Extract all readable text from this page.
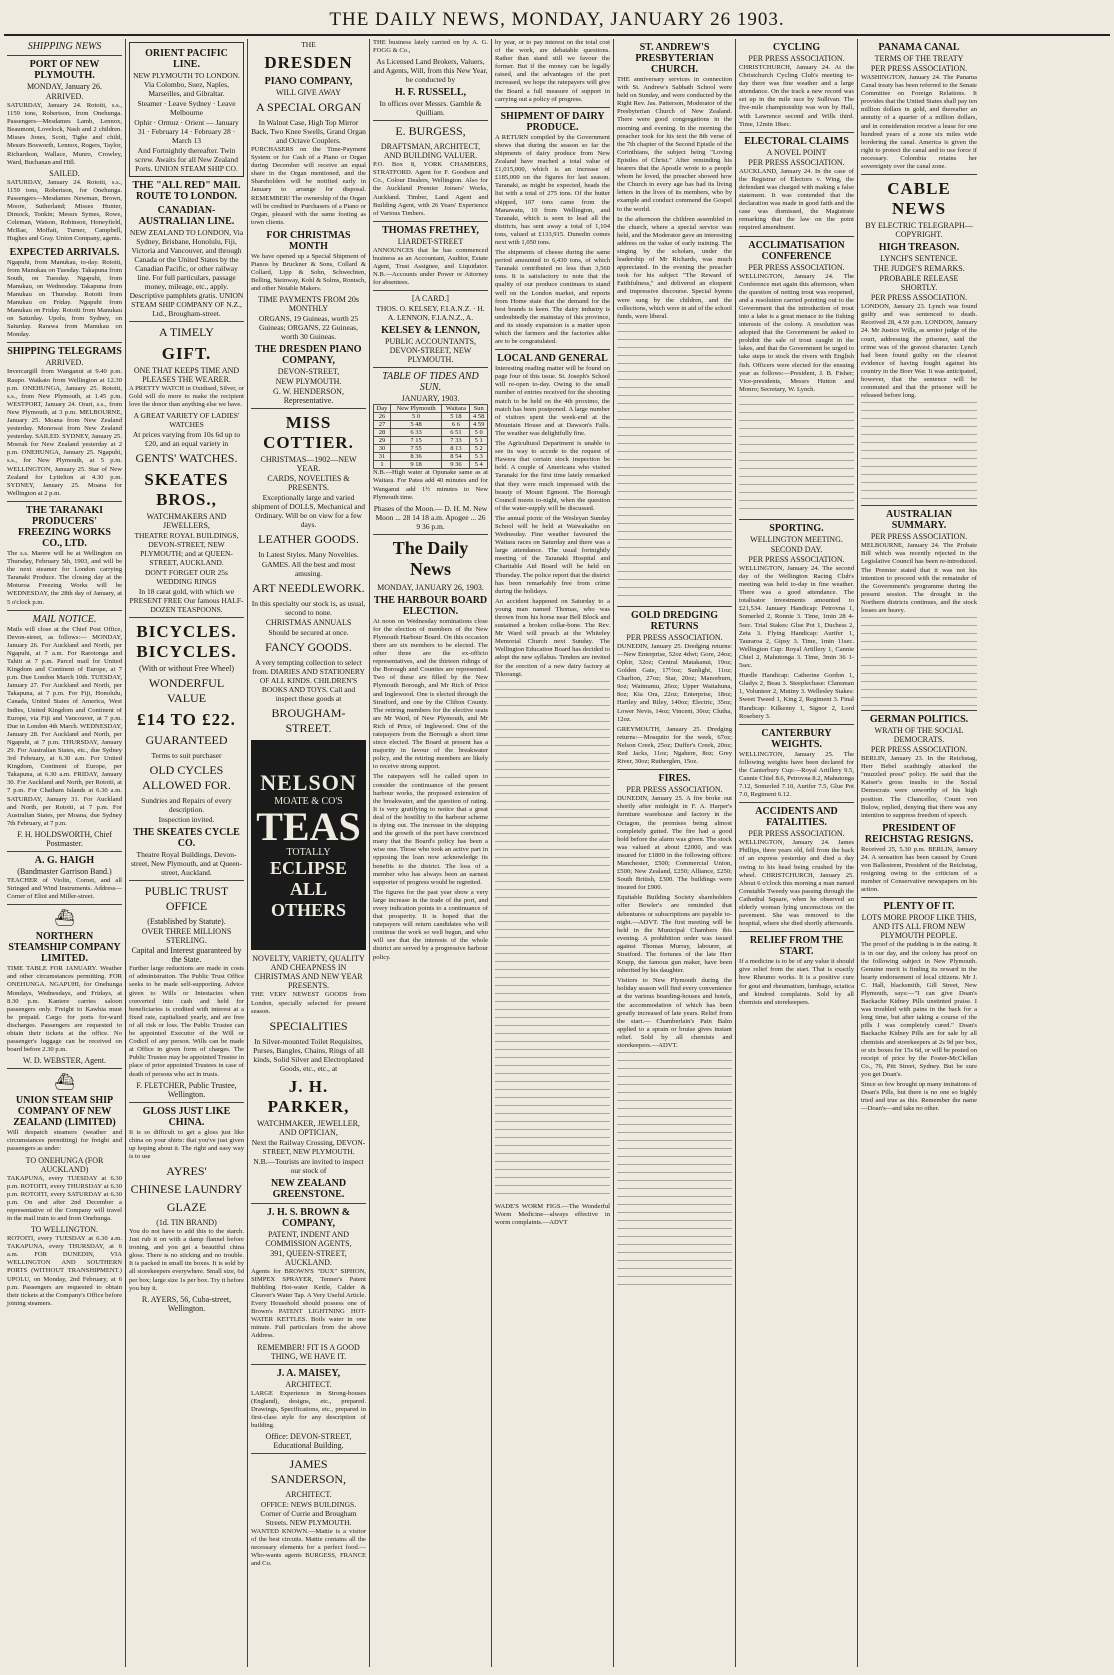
THE DAILY NEWS, MONDAY, JANUARY 26 1903.
SHIPPING NEWS
PORT OF NEW PLYMOUTH.
MONDAY, January 26.
ARRIVED.
SATURDAY, January 24. Rotoiti, s.s., 1159 tons, Robertson, from Onehunga. Passengers—Mesdames Lamb, Lennox, Beaumont, Lovelock, Nash and 2 children. Misses Jones, Scott, Tighe and child, Messrs Bosworth, Lennox, Rogers, Taylor, Richardson, Wallace, Munro, Crowley, Ward, Buchanan and Hill.
SAILED.
SATURDAY, January 24. Rotoiti, s.s., 1159 tons, Robertson, for Onehunga. Passengers—Mesdames Newman, Brown, Moore, Sutherland; Misses Hunter, Dimock, Tonkin; Messrs Symes, Rowe, Coleman, Watson, Robinson, Honeyfield, McRae, Moffatt, Turner, Campbell, Hughes and Gray. Union Company, agents.
EXPECTED ARRIVALS.
Ngapuhi, from Manukau, to-day. Rotoiti, from Manukau on Tuesday. Takapuna from South, on Tuesday. Ngapuhi, from Manukau, on Wednesday. Takapuna from Manukau on Thursday. Rotoiti from Manukau on Friday. Ngapuhi from Manukau on Friday. Rotoiti from Manukau on Saturday. Upolu, from Sydney, on Saturday. Rarawa from Manukau on Monday.
SHIPPING TELEGRAMS
ARRIVED.
Invercargill from Wanganui at 9.40 p.m. Raupo. Waikato from Wellington at 12.30 p.m. ONEHUNGA, January 25. Rotoiti, s.s., from New Plymouth, at 1.45 p.m. WESTPORT, January 24. Orari, s.s., from New Plymouth, at 3 p.m. MELBOURNE, January 25. Moana from New Zealand yesterday. Monowai from New Zealand yesterday. SAILED. SYDNEY, January 25. Moerak for New Zealand yesterday at 2 p.m. ONEHUNGA, January 25. Ngapuhi, s.s., for New Plymouth, at 5 p.m. WELLINGTON, January 25. Star of New Zealand for Lyttelton at 4.30 p.m. SYDNEY, January 25. Moana for Wellington at 2 p.m.
THE TARANAKI PRODUCERS' FREEZING WORKS CO., LTD.
The s.s. Marere will be at Wellington on Thursday, February 5th, 1903, and will be the next steamer for London carrying Taranaki Produce. The closing day at the Moturoa Freezing Works will be WEDNESDAY, the 28th day of January, at 5 o'clock p.m.
MAIL NOTICE.
Mails will close at the Chief Post Office, Devon-street, as follows:— MONDAY, January 26. For Auckland and North, per Ngapuhi, at 7 a.m. For Rarotonga and Tahiti at 7 p.m. Parcel mail for United Kingdom and Continent of Europe, at 7 p.m. Due London March 10th. TUESDAY, January 27. For Auckland and North, per Takapuna, at 7 p.m. For Fiji, Honolulu, Canada, United States of America, West Indies, United Kingdom and Continent of Europe, via Fiji and Vancouver, at 7 p.m. Due in London 4th March. WEDNESDAY, January 28. For Auckland and North, per Ngapuhi, at 7 p.m. THURSDAY, January 29. For Australian States, etc., due Sydney 3rd February, at 6.30 a.m. For United Kingdom, Continent of Europe, per Takapuna, at 6.30 a.m. FRIDAY, January 30. For Auckland and North, per Rotoiti, at 7 p.m. For Chatham Islands at 6.30 a.m. SATURDAY, January 31. For Auckland and North, per Rotoiti, at 7 p.m. For Australian States, per Moana, due Sydney 7th February, at 7 p.m.
F. H. HOLDSWORTH, Chief Postmaster.
A. G. HAIGH
(Bandmaster Garrison Band.)
TEACHER of Violin, Cornet, and all Stringed and Wind Instruments. Address—Corner of Eliot and Miller-street.
⛴
NORTHERN STEAMSHIP COMPANY LIMITED.
TIME TABLE FOR JANUARY. Weather and other circumstances permitting. FOR ONEHUNGA. NGAPUHI, for Onehunga Mondays, Wednesdays, and Fridays, at 8.30 p.m. Kaniere carries saloon passengers only. Freight to Kawhia must be prepaid. Cargo for ports for-ward discharges. Passengers are requested to obtain their tickets at the office. No passenger's luggage can be received on board before 2.30 p.m.
W. D. WEBSTER, Agent.
⛴
UNION STEAM SHIP COMPANY OF NEW ZEALAND (LIMITED)
Will despatch steamers (weather and circumstances permitting) for freight and passengers as under:
TO ONEHUNGA (FOR AUCKLAND)
TAKAPUNA, every TUESDAY at 6.30 p.m. ROTOITI, every THURSDAY at 6.30 p.m. ROTOITI, every SATURDAY at 6.30 p.m. On and after 2nd December a representative of the Company will travel in the mail train to and from Onehunga.
TO WELLINGTON.
ROTOITI, every TUESDAY at 6.30 a.m. TAKAPUNA, every THURSDAY, at 6 a.m. FOR DUNEDIN, VIA WELLINGTON AND SOUTHERN PORTS (WITHOUT TRANSHIPMENT.) UPOLU, on Monday, 2nd February, at 6 p.m. Passengers are requested to obtain their tickets at the Company's Office before joining steamers.
ORIENT PACIFIC LINE.
NEW PLYMOUTH TO LONDON. Via Colombo, Suez, Naples, Marseilles, and Gibraltar.
Steamer · Leave Sydney · Leave Melbourne
Ophir · Ormuz · Orient — January 31 · February 14 · February 28 · March 13
And Fortnightly thereafter. Twin screw. Awaits for all New Zealand Ports. UNION STEAM SHIP CO.
THE "ALL RED" MAIL ROUTE TO LONDON.
CANADIAN-AUSTRALIAN LINE.
NEW ZEALAND TO LONDON, Via Sydney, Brisbane, Honolulu, Fiji, Victoria and Vancouver, and through Canada or the United States by the Canadian Pacific, or other railway line. For full particulars, passage money, mileage, etc., apply. Descriptive pamphlets gratis. UNION STEAM SHIP COMPANY OF N.Z., Ltd., Brougham-street.
A TIMELY
GIFT.
ONE THAT KEEPS TIME AND PLEASES THE WEARER.
A PRETTY WATCH in Oxidised, Silver, or Gold will do more to make the recipient love the donor than anything else we have.
A GREAT VARIETY OF LADIES' WATCHES
At prices varying from 10s 6d up to £20, and an equal variety in
GENTS' WATCHES.
SKEATES BROS.,
WATCHMAKERS AND JEWELLERS,
THEATRE ROYAL BUILDINGS, DEVON-STREET, NEW PLYMOUTH; and at QUEEN-STREET, AUCKLAND.
DON'T FORGET OUR 25s WEDDING RINGS
In 18 carat gold, with which we PRESENT FREE Our famous HALF-DOZEN TEASPOONS.
BICYCLES. BICYCLES.
(With or without Free Wheel)
WONDERFUL VALUE
£14 TO £22.
GUARANTEED
Terms to suit purchaser
OLD CYCLES ALLOWED FOR.
Sundries and Repairs of every description.
Inspection invited.
THE SKEATES CYCLE CO.
Theatre Royal Buildings, Devon-street, New Plymouth, and at Queen-street, Auckland.
PUBLIC TRUST OFFICE
(Established by Statute).
OVER THREE MILLIONS STERLING.
Capital and Interest guaranteed by the State.
Further large reductions are made in costs of administration. The Public Trust Office seeks to be made self-supporting. Advice given to Wills or Intestacies when converted into cash and held for beneficiaries is credited with interest at a fixed rate, capitalised yearly, and are free of all risk or loss. The Public Trustee can be appointed Executor of the Will or Codicil of any person. Wills can be made at Office in given form of charges. The Public Trustee may be appointed Trustee in place of prior appointed Trustees in case of death of persons who act in trusts.
F. FLETCHER, Public Trustee, Wellington.
GLOSS JUST LIKE CHINA.
It is so difficult to get a gloss just like china on your shirts: that you've just given up hoping about it. The right and easy way is to use
AYRES'
CHINESE LAUNDRY
GLAZE
(1d. TIN BRAND)
You do not have to add this to the starch. Just rub it on with a damp flannel before ironing, and you get a beautiful china gloss. There is no sticking and no trouble. It is packed in small tin boxes. It is sold by all storekeepers everywhere. Small size, 6d per box; large size 1s per box. Try it before you buy it.
R. AYERS, 56, Cuba-street, Wellington.
THE
DRESDEN
PIANO COMPANY,
WILL GIVE AWAY
A SPECIAL ORGAN
In Walnut Case, High Top Mirror Back, Two Knee Swells, Grand Organ and Octave Couplers.
PURCHASERS on the Time-Payment System or for Cash of a Piano or Organ during December will receive an equal share in the Organ mentioned, and the Shareholders will be notified early in January to arrange for disposal. REMEMBER! The ownership of the Organ will be credited to Purchasers of a Piano or Organ, pleased with the same footing as town clients.
FOR CHRISTMAS MONTH
We have opened up a Special Shipment of Pianos by Bruckner & Sons, Collard & Collard, Lipp & Sohn, Schwechten, Belling, Steinway, Kohl & Solms, Ronisch, and other Notable Makers.
TIME PAYMENTS FROM 20s MONTHLY
ORGANS, 19 Guineas, worth 25 Guineas; ORGANS, 22 Guineas, worth 30 Guineas.
THE DRESDEN PIANO COMPANY,
DEVON-STREET,
NEW PLYMOUTH.
G. W. HENDERSON, Representative.
MISS COTTIER.
CHRISTMAS—1902—NEW YEAR.
CARDS, NOVELTIES & PRESENTS.
Exceptionally large and varied shipment of DOLLS, Mechanical and Ordinary. Will be on view for a few days.
LEATHER GOODS.
In Latest Styles. Many Novelties.
GAMES. All the best and most amusing.
ART NEEDLEWORK.
In this specialty our stock is, as usual, second to none.
CHRISTMAS ANNUALS
Should be secured at once.
FANCY GOODS.
A very tempting collection to select from. DIARIES AND STATIONERY OF ALL KINDS. CHILDREN'S BOOKS AND TOYS. Call and inspect these goods at
BROUGHAM-STREET.
NELSON
MOATE & CO'S
TEAS
TOTALLY
ECLIPSE
ALL OTHERS
NOVELTY, VARIETY, QUALITY AND CHEAPNESS IN CHRISTMAS AND NEW YEAR PRESENTS.
THE VERY NEWEST GOODS from London, specially selected for present season.
SPECIALITIES
In Silver-mounted Toilet Requisites, Purses, Bangles, Chains, Rings of all kinds, Solid Silver and Electroplated Goods, etc., etc., at
J. H. PARKER,
WATCHMAKER, JEWELLER, AND OPTICIAN,
Next the Railway Crossing, DEVON-STREET, NEW PLYMOUTH.
N.B.—Tourists are invited to inspect our stock of
NEW ZEALAND GREENSTONE.
J. H. S. BROWN & COMPANY,
PATENT, INDENT AND COMMISSION AGENTS,
391, QUEEN-STREET, AUCKLAND.
Agents for BROWN'S "DUX" SIPHON, SIMPEX SPRAYER, Tenner's Patent Bubbling Hot-water Kettle, Calder & Cleaver's Water Tap. A Very Useful Article. Every Household should possess one of Brown's PATENT LIGHTNING HOT-WATER KETTLES. Boils water in one minute. Full particulars from the above Address.
REMEMBER! FIT IS A GOOD THING, WE HAVE IT.
J. A. MAISEY,
ARCHITECT.
LARGE Experience in Strong-houses (England), designs, etc., prepared. Drawings, Specifications, etc., prepared in first-class style for any description of building.
Office: DEVON-STREET, Educational Building.
JAMES SANDERSON,
ARCHITECT.
OFFICE: NEWS BUILDINGS. Corner of Currie and Brougham Streets. NEW PLYMOUTH.
WANTED KNOWN.—Mattie is a visitor of the best circuits. Mattie contains all the necessary elements for a perfect food.—Who-wants agents BURGESS, FRANCE and Co.
THE business lately carried on by A. G. FOGG & Co.,
As Licensed Land Brokers, Valuers, and Agents, Will, from this New Year, be conducted by
H. F. RUSSELL,
In offices over Messrs. Gamble & Quilliam.
E. BURGESS,
DRAFTSMAN, ARCHITECT, AND BUILDING VALUER.
P.O. Box 8, YORK CHAMBERS, STRATFORD. Agent for F. Goodson and Co., Colour Dealers, Wellington. Also for the Auckland Premier Joiners' Works, Auckland. Timber, Land Agent and Building Agent, with 26 Years' Experience of Various Timbers.
THOMAS FRETHEY,
LIARDET-STREET
ANNOUNCES that he has commenced business as an Accountant, Auditor, Estate Agent, Trust Assignee, and Liquidator. N.B.—Accounts under Power or Attorney for absentees.
[A CARD.]
THOS. O. KELSEY, F.I.A.N.Z. · H. A. LENNON, F.I.A.N.Z., A.
KELSEY & LENNON,
PUBLIC ACCOUNTANTS, DEVON-STREET, NEW PLYMOUTH.
TABLE OF TIDES AND SUN.
JANUARY, 1903.
Day	New Plymouth	Waitara	Sun
26	5 0	5 18	4 58
27	5 48	6 6	4 59
28	6 33	6 51	5 0
29	7 15	7 33	5 1
30	7 55	8 13	5 2
31	8 36	8 54	5 3
1	9 18	9 36	5 4
N.B.—High water at Opunake same as at Waitara. For Patea add 40 minutes and for Wanganui add 1½ minutes to New Plymouth time.
Phases of the Moon.— D. H. M. New Moon ... 28 14 18 a.m. Apogee ... 26 9 36 p.m.
The Daily News
MONDAY, JANUARY 26, 1903.
THE HARBOUR BOARD ELECTION.
At noon on Wednesday nominations close for the election of members of the New Plymouth Harbour Board. On this occasion there are six members to be elected. The other three are the ex-officio representatives, and the thirteen ridings of the Borough and Counties are represented. Two of these are filled by the New Plymouth Borough, and Mr Rich of Price and Inglewood. One is elected through the Stratford, and one by the Clifton County. The retiring members for the elective seats are Mr Ward, of New Plymouth, and Mr Rich of Price, of Inglewood. One of the ratepayers from the Borough a short time since elected. The Board at present has a majority in favour of the breakwater policy, and the retiring members are likely to receive strong support.
The ratepayers will be called upon to consider the continuance of the present harbour works, the proposed extension of the breakwater, and the question of rating. It is very gratifying to notice that a great deal of the hostility to the harbour scheme is dying out. The increase in the shipping and the growth of the port have convinced many that the Board's policy has been a wise one. Those who took an active part in opposing the loan now acknowledge its benefits to the district. The loss of a member who has always been an earnest supporter of progress would be regretted.
The figures for the past year show a very large increase in the trade of the port, and every indication points to a continuance of that prosperity. It is hoped that the ratepayers will return candidates who will continue the work so well begun, and who will see that the interests of the whole district are served by a progressive harbour policy.
by year, or to pay interest on the total cost of the work, are debatable questions. Rather than stand still we favour the former. But if the money can be legally raised, and the advantages of the port increased, we hope the ratepayers will give the Board a full measure of support in carrying out a policy of progress.
SHIPMENT OF DAIRY PRODUCE.
A RETURN compiled by the Government shows that during the season so far the shipments of dairy produce from New Zealand have reached a total value of £1,015,000, which is an increase of £185,000 on the figures for last season. Taranaki, as might be expected, heads the list with a total of 275 tons. Of the butter shipped, 107 tons came from the Manawatu, 10 from Wellington, and Taranaki, which is seen to lead all the districts, has sent away a total of 1,104 tons, valued at £133,915. Dunedin comes next with 1,050 tons.
The shipments of cheese during the same period amounted to 6,430 tons, of which Taranaki contributed no less than 3,560 tons. It is satisfactory to note that the quality of our produce continues to stand well on the London market, and reports from Home state that the demand for the best brands is keen. The dairy industry is undoubtedly the mainstay of this province, and its steady expansion is a matter upon which the farmers and the factories alike are to be congratulated.
LOCAL AND GENERAL
Interesting reading matter will be found on page four of this issue. St. Joseph's School will re-open to-day. Owing to the small number of entries received for the shooting match to be held on the 4th proximo, the match has been postponed. A large number of visitors spent the week-end at the Mountain House and at Dawson's Falls. The weather was delightfully fine.
The Agricultural Department is unable to see its way to accede to the request of Hawera that certain stock inspection be held. A couple of Americans who visited Taranaki for the first time lately remarked that they were much impressed with the beauty of Mount Egmont. The Borough Council meets to-night, when the question of the water-supply will be discussed.
The annual picnic of the Wesleyan Sunday School will be held at Waiwakaiho on Wednesday. Fine weather favoured the Waitara races on Saturday and there was a large attendance. The usual fortnightly meeting of the Taranaki Hospital and Charitable Aid Board will be held on Thursday. The police report that the district has been remarkably free from crime during the holidays.
An accident happened on Saturday to a young man named Thomas, who was thrown from his horse near Bell Block and sustained a broken collar-bone. The Rev. Mr Ward will preach at the Whiteley Memorial Church next Sunday. The Wellington Education Board has decided to adopt the new syllabus. Tenders are invited for the erection of a new dairy factory at Tikorangi.
WADE'S WORM FIGS.—The Wonderful Worm Medicine—always effective in worm complaints.—ADVT
ST. ANDREW'S PRESBYTERIAN CHURCH.
THE anniversary services in connection with St. Andrew's Sabbath School were held on Sunday, and were conducted by the Right Rev. Jas. Patterson, Moderator of the Presbyterian Church of New Zealand. There were good congregations in the morning and evening. In the morning the preacher took for his text the 8th verse of the 7th chapter of the Second Epistle of the Corinthians, the subject being "Loving Epistles of Christ." After reminding his hearers that the Apostle wrote to a people whom he loved, the preacher showed how the Church in every age has had its living letters in the lives of its members, who by example and conduct commend the Gospel to the world.
In the afternoon the children assembled in the church, where a special service was held, and the Moderator gave an interesting address on the value of early training. The singing by the scholars, under the leadership of Mr Richards, was much appreciated. In the evening the preacher took for his subject "The Reward of Faithfulness," and delivered an eloquent and impressive discourse. Special hymns were sung by the children, and the collections, which were in aid of the school funds, were liberal.
GOLD DREDGING RETURNS
PER PRESS ASSOCIATION.
DUNEDIN, January 25. Dredging returns:—New Enterprise, 52oz 4dwt; Gore, 24oz; Ophir, 32oz; Central Matakanui, 19oz; Golden Gate, 17½oz; Sunlight, 11oz; Charlton, 27oz; Star, 20oz; Manorburn, 9oz; Waimumu, 26oz; Upper Waitahuna, 8oz; Kia Ora, 22oz; Enterprise, 18oz; Hartley and Riley, 140oz; Electric, 35oz; Lower Nevis, 14oz; Vincent, 30oz; Clutha, 12oz.
GREYMOUTH, January 25. Dredging returns:—Mosquito for the week, 67oz; Nelson Creek, 25oz; Duffer's Creek, 20oz; Red Jacks, 11oz; Ngahere, 8oz; Grey River, 30oz; Rutherglen, 15oz.
FIRES.
PER PRESS ASSOCIATION.
DUNEDIN, January 25. A fire broke out shortly after midnight in F. A. Harper's furniture warehouse and factory in the Octagon, the premises being almost completely gutted. The fire had a good hold before the alarm was given. The stock was valued at about £2000, and was insured for £1800 in the following offices: Manchester, £500; Commercial Union, £500; New Zealand, £250; Alliance, £250; South British, £300. The buildings were insured for £900.
Equitable Building Society shareholders offer Bowler's are reminded that debentures or subscriptions are payable to-night.—ADVT. The first meeting will be held in the Municipal Chambers this evening. A prohibition order was issued against Thomas Murray, labourer, at Stratford. The fortunes of the late Herr Krupp, the famous gun maker, have been inherited by his daughter.
Visitors to New Plymouth during the holiday season will find every convenience at the various boarding-houses and hotels, the accommodation of which has been greatly increased of late years. Relief from the start.— Chamberlain's Pain Balm applied to a sprain or bruise gives instant relief. Sold by all chemists and storekeepers.—ADVT.
CYCLING
PER PRESS ASSOCIATION.
CHRISTCHURCH, January 24. At the Christchurch Cycling Club's meeting to-day there was fine weather and a large attendance. On the track a new record was set up in the mile race by Sullivan. The five-mile championship was won by Hall, with Lawrence second and Wills third. Time, 12min 18sec.
ELECTORAL CLAIMS
A NOVEL POINT
PER PRESS ASSOCIATION.
AUCKLAND, January 24. In the case of the Registrar of Electors v. Wing, the defendant was charged with making a false statement. It was contended that the declaration was made in good faith and the case was dismissed, the Magistrate remarking that the law on the point required amendment.
ACCLIMATISATION CONFERENCE
PER PRESS ASSOCIATION.
WELLINGTON, January 24. The Conference met again this afternoon, when the question of netting trout was reopened, and a resolution carried pointing out to the Government that the introduction of trout into a lake is a great menace to the fishing interests of the colony. A resolution was adopted that the Government be asked to prohibit the sale of trout caught in the lakes, and that the Government be urged to take steps to stock the rivers with English fish. Officers were elected for the ensuing year as follows:—President, J. B. Fisher; Vice-presidents, Messrs Hutton and Monro; Secretary, W. Lynch.
SPORTING.
WELLINGTON MEETING.
SECOND DAY.
PER PRESS ASSOCIATION.
WELLINGTON, January 24. The second day of the Wellington Racing Club's meeting was held to-day in fine weather. There was a good attendance. The totalisator investments amounted to £21,534. January Handicap: Petrovna 1, Somerled 2, Ronnie 3. Time, 1min 28 4-5sec. Trial Stakes: Glue Pot 1, Duchess 2, Zeta 3. Flying Handicap: Aurifer 1, Tauraroa 2, Gipsy 3. Time, 1min 11sec. Wellington Cup: Royal Artillery 1, Cannie Chiel 2, Mahutonga 3. Time, 3min 36 1-5sec.
Hurdle Handicap: Catherine Gordon 1, Gladys 2, Beau 3. Steeplechase: Clansman 1, Volunteer 2, Mutiny 3. Wellesley Stakes: Sweet Tweed 1, King 2, Regiment 3. Final Handicap: Kilkenny 1, Signor 2, Lord Rosebery 3.
CANTERBURY WEIGHTS.
WELLINGTON, January 25. The following weights have been declared for the Canterbury Cup:—Royal Artillery 9.5, Cannie Chiel 8.6, Petrovna 8.2, Mahutonga 7.12, Somerled 7.10, Aurifer 7.5, Glue Pot 7.0, Regiment 6.12.
ACCIDENTS AND FATALITIES.
PER PRESS ASSOCIATION.
WELLINGTON, January 24. James Phillips, three years old, fell from the back of an express yesterday and died a day owing to his head being crushed by the wheel. CHRISTCHURCH, January 25. About 6 o'clock this morning a man named Constable Tweedy was passing through the Cathedral Square, when he observed an elderly woman lying unconscious on the pavement. She was removed to the hospital, where she died shortly afterwards.
RELIEF FROM THE START.
If a medicine is to be of any value it should give relief from the start. That is exactly how Rheumo works. It is a positive cure for gout and rheumatism, lumbago, sciatica and kindred complaints. Sold by all chemists and storekeepers.
PANAMA CANAL
TERMS OF THE TREATY
PER PRESS ASSOCIATION.
WASHINGTON, January 24. The Panama Canal treaty has been referred to the Senate Committee on Foreign Relations. It provides that the United States shall pay ten million dollars in gold, and thereafter an annuity of a quarter of a million dollars, and in consideration receive a lease for one hundred years of a zone six miles wide bordering the canal. America is given the right to protect the canal and to use force if necessary. Colombia retains her sovereignty over the canal zone.
CABLE NEWS
BY ELECTRIC TELEGRAPH—COPYRIGHT.
HIGH TREASON.
LYNCH'S SENTENCE.
THE JUDGE'S REMARKS.
PROBABLE RELEASE SHORTLY.
PER PRESS ASSOCIATION.
LONDON, January 23. Lynch was found guilty and was sentenced to death. Received 28, 4.59 p.m. LONDON, January 24. Mr Justice Wills, as senior judge of the court, addressing the prisoner, said the crime was of the gravest character. Lynch had been found guilty on the clearest evidence of having fought against his country in the Boer War. It was anticipated, however, that the sentence will be commuted and that the prisoner will be released before long.
AUSTRALIAN SUMMARY.
PER PRESS ASSOCIATION.
MELBOURNE, January 24. The Probate Bill which was recently rejected in the Legislative Council has been re-introduced. The Premier stated that it was not his intention to proceed with the remainder of the Government's programme during the present session. The drought in the Northern districts continues, and the stock losses are heavy.
GERMAN POLITICS.
WRATH OF THE SOCIAL DEMOCRATS.
PER PRESS ASSOCIATION.
BERLIN, January 23. In the Reichstag, Herr Bebel scathingly attacked the "muzzled press" policy. He said that the Kaiser's gross insults to the Social Democrats were unworthy of his high position. The Chancellor, Count von Bulow, replied, denying that there was any intention to suppress freedom of speech.
PRESIDENT OF REICHSTAG RESIGNS.
Received 25, 5.30 p.m. BERLIN, January 24. A sensation has been caused by Count von Ballestrem, President of the Reichstag, resigning owing to the criticism of a number of Conservative newspapers on his action.
PLENTY OF IT.
LOTS MORE PROOF LIKE THIS, AND ITS ALL FROM NEW PLYMOUTH PEOPLE.
The proof of the pudding is in the eating. It is in our day, and the colony has proof on the following subject in New Plymouth. Genuine merit is finding its reward in the hearty endorsement of local citizens. Mr J. C. Hall, blacksmith, Gill Street, New Plymouth, says:—"I can give Doan's Backache Kidney Pills unstinted praise. I was troubled with pains in the back for a long time, but after taking a course of the pills I was completely cured." Doan's Backache Kidney Pills are for sale by all chemists and storekeepers at 2s 9d per box, or six boxes for 15s 6d, or will be posted on receipt of price by the Foster-McClellan Co., 76, Pitt Street, Sydney. But be sure you get Doan's.
Since so few brought up many imitations of Doan's Pills, but there is no one so highly tried and true as this. Remember the name—Doan's—and take no other.
